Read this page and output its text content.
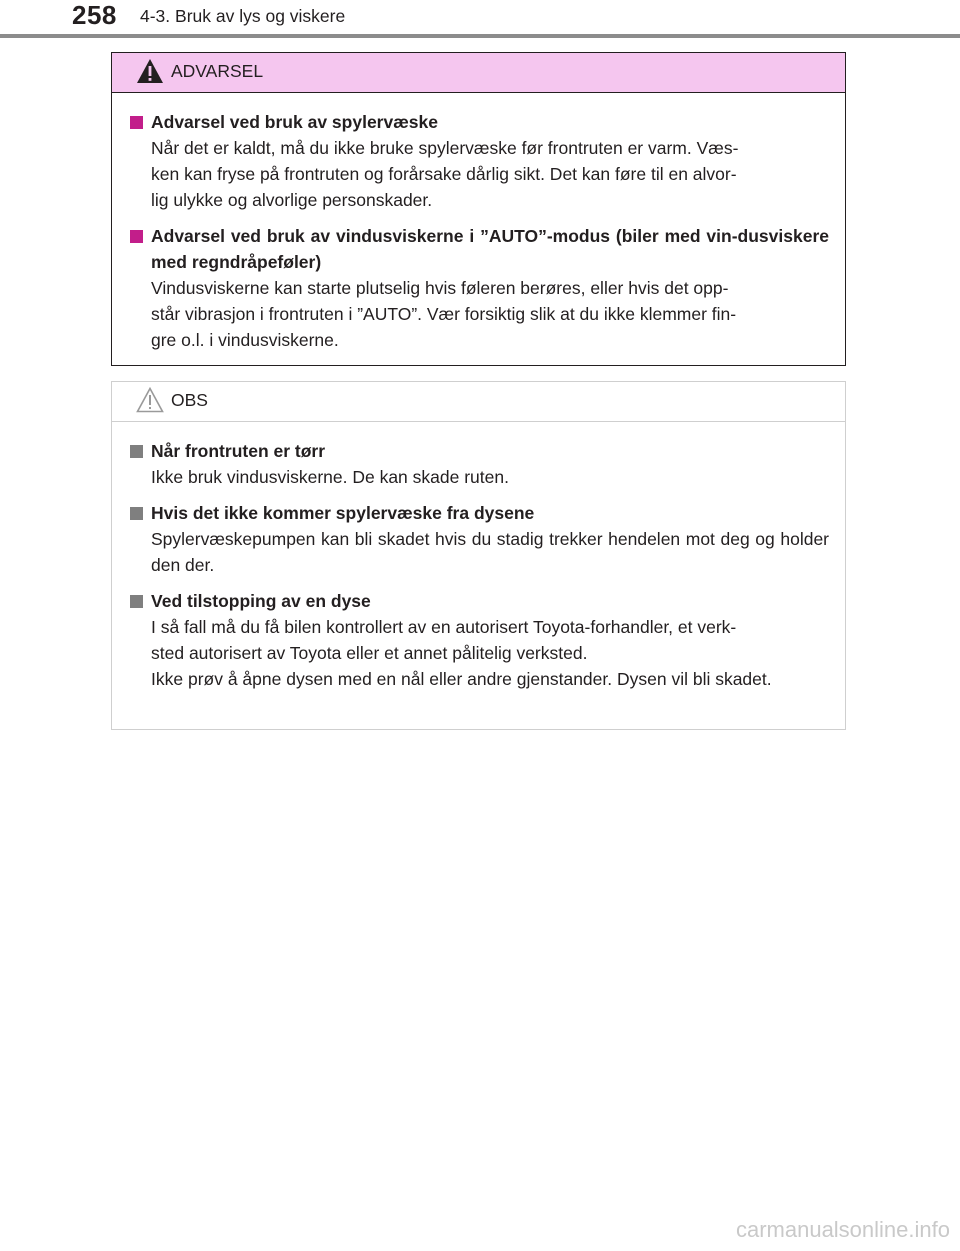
258 4-3. Bruk av lys og viskere
ADVARSEL
Advarsel ved bruk av spylervæske
Når det er kaldt, må du ikke bruke spylervæske før frontruten er varm. Væs-
ken kan fryse på frontruten og forårsake dårlig sikt. Det kan føre til en alvor-
lig ulykke og alvorlige personskader.
Advarsel ved bruk av vindusviskerne i ”AUTO”-modus (biler med vin-dusviskere med regndråpeføler)
Vindusviskerne kan starte plutselig hvis føleren berøres, eller hvis det opp-
står vibrasjon i frontruten i ”AUTO”. Vær forsiktig slik at du ikke klemmer fin-
gre o.l. i vindusviskerne.
OBS
Når frontruten er tørr
Ikke bruk vindusviskerne. De kan skade ruten.
Hvis det ikke kommer spylervæske fra dysene
Spylervæskepumpen kan bli skadet hvis du stadig trekker hendelen mot deg og holder den der.
Ved tilstopping av en dyse
I så fall må du få bilen kontrollert av en autorisert Toyota-forhandler, et verk-
sted autorisert av Toyota eller et annet pålitelig verksted.
Ikke prøv å åpne dysen med en nål eller andre gjenstander. Dysen vil bli skadet.
carmanualsonline.info
